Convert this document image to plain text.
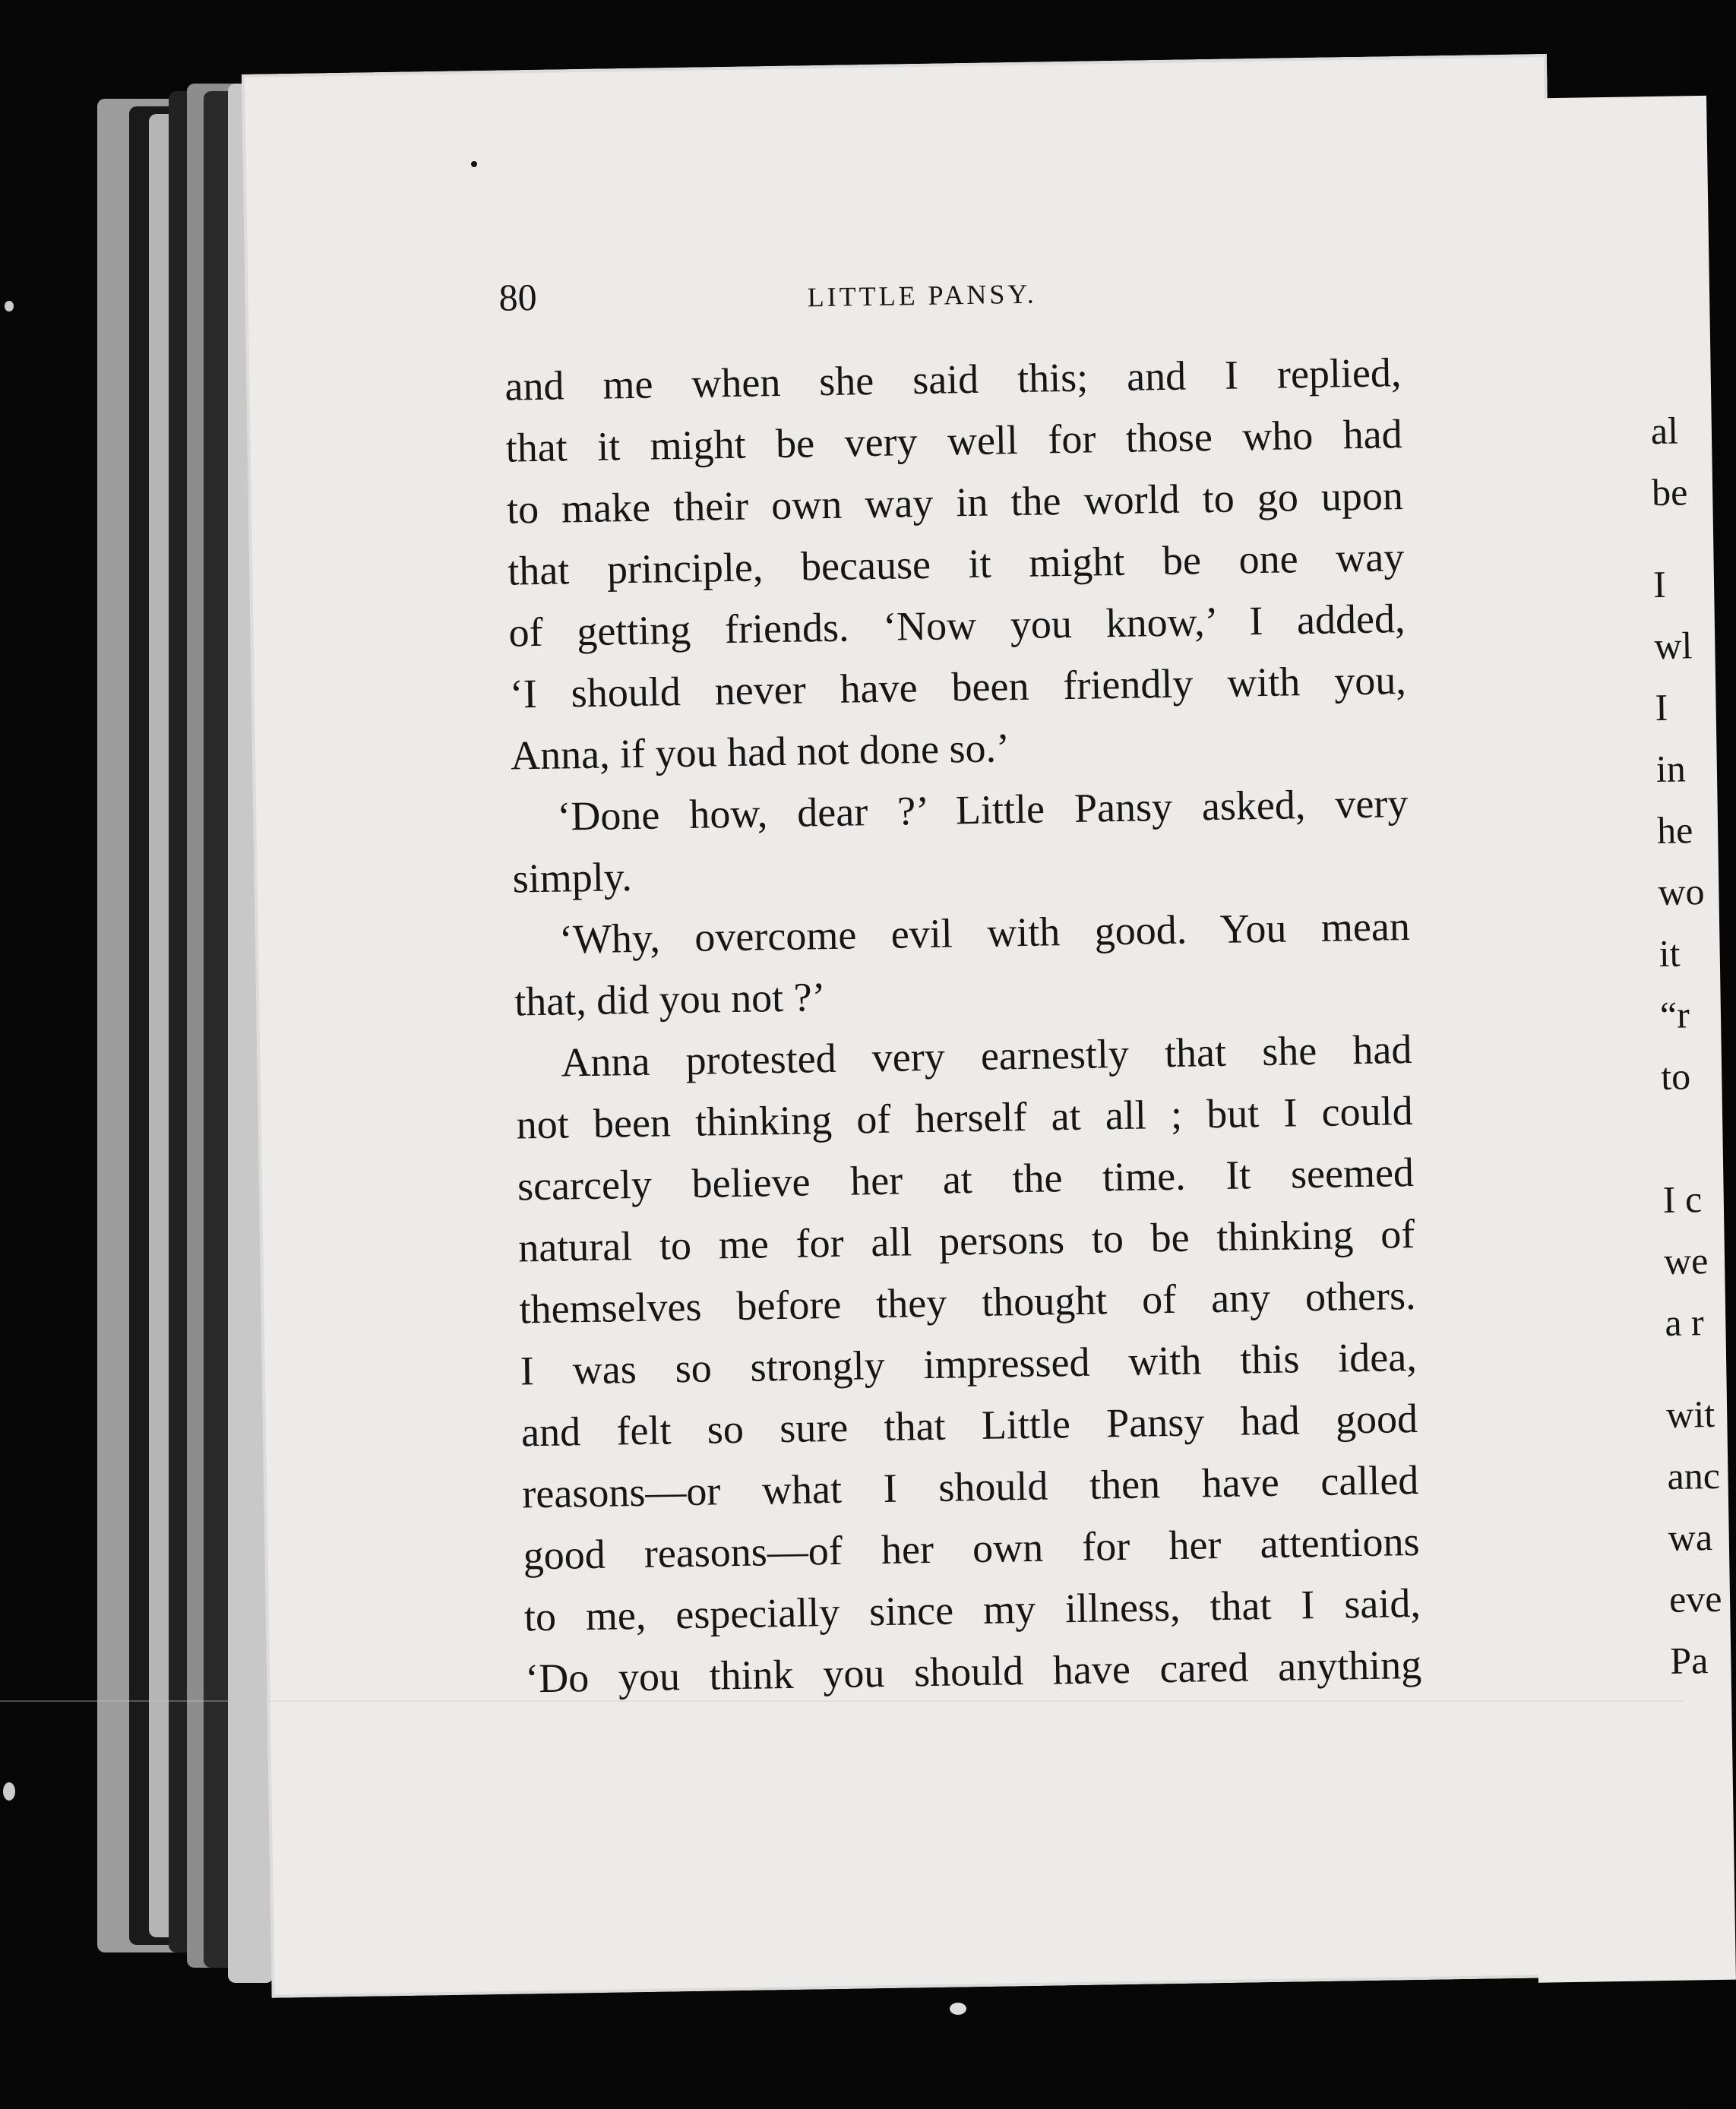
80	LITTLE PANSY.
and me when she said this; and I replied,
that it might be very well for those who had
to make their own way in the world to go upon
that principle, because it might be one way
of getting friends. ‘Now you know,’ I added,
‘I should never have been friendly with you,
Anna, if you had not done so.’
‘Done how, dear ?’ Little Pansy asked, very
simply.
‘Why, overcome evil with good. You mean
that, did you not ?’
Anna protested very earnestly that she had
not been thinking of herself at all ; but I could
scarcely believe her at the time. It seemed
natural to me for all persons to be thinking of
themselves before they thought of any others.
I was so strongly impressed with this idea,
and felt so sure that Little Pansy had good
reasons—or what I should then have called
good reasons—of her own for her attentions
to me, especially since my illness, that I said,
‘Do you think you should have cared anything
al
be
I
wl
I
in
he
wo
it
“r
to
I c
we
a r
wit
anc
wa
eve
Pa
